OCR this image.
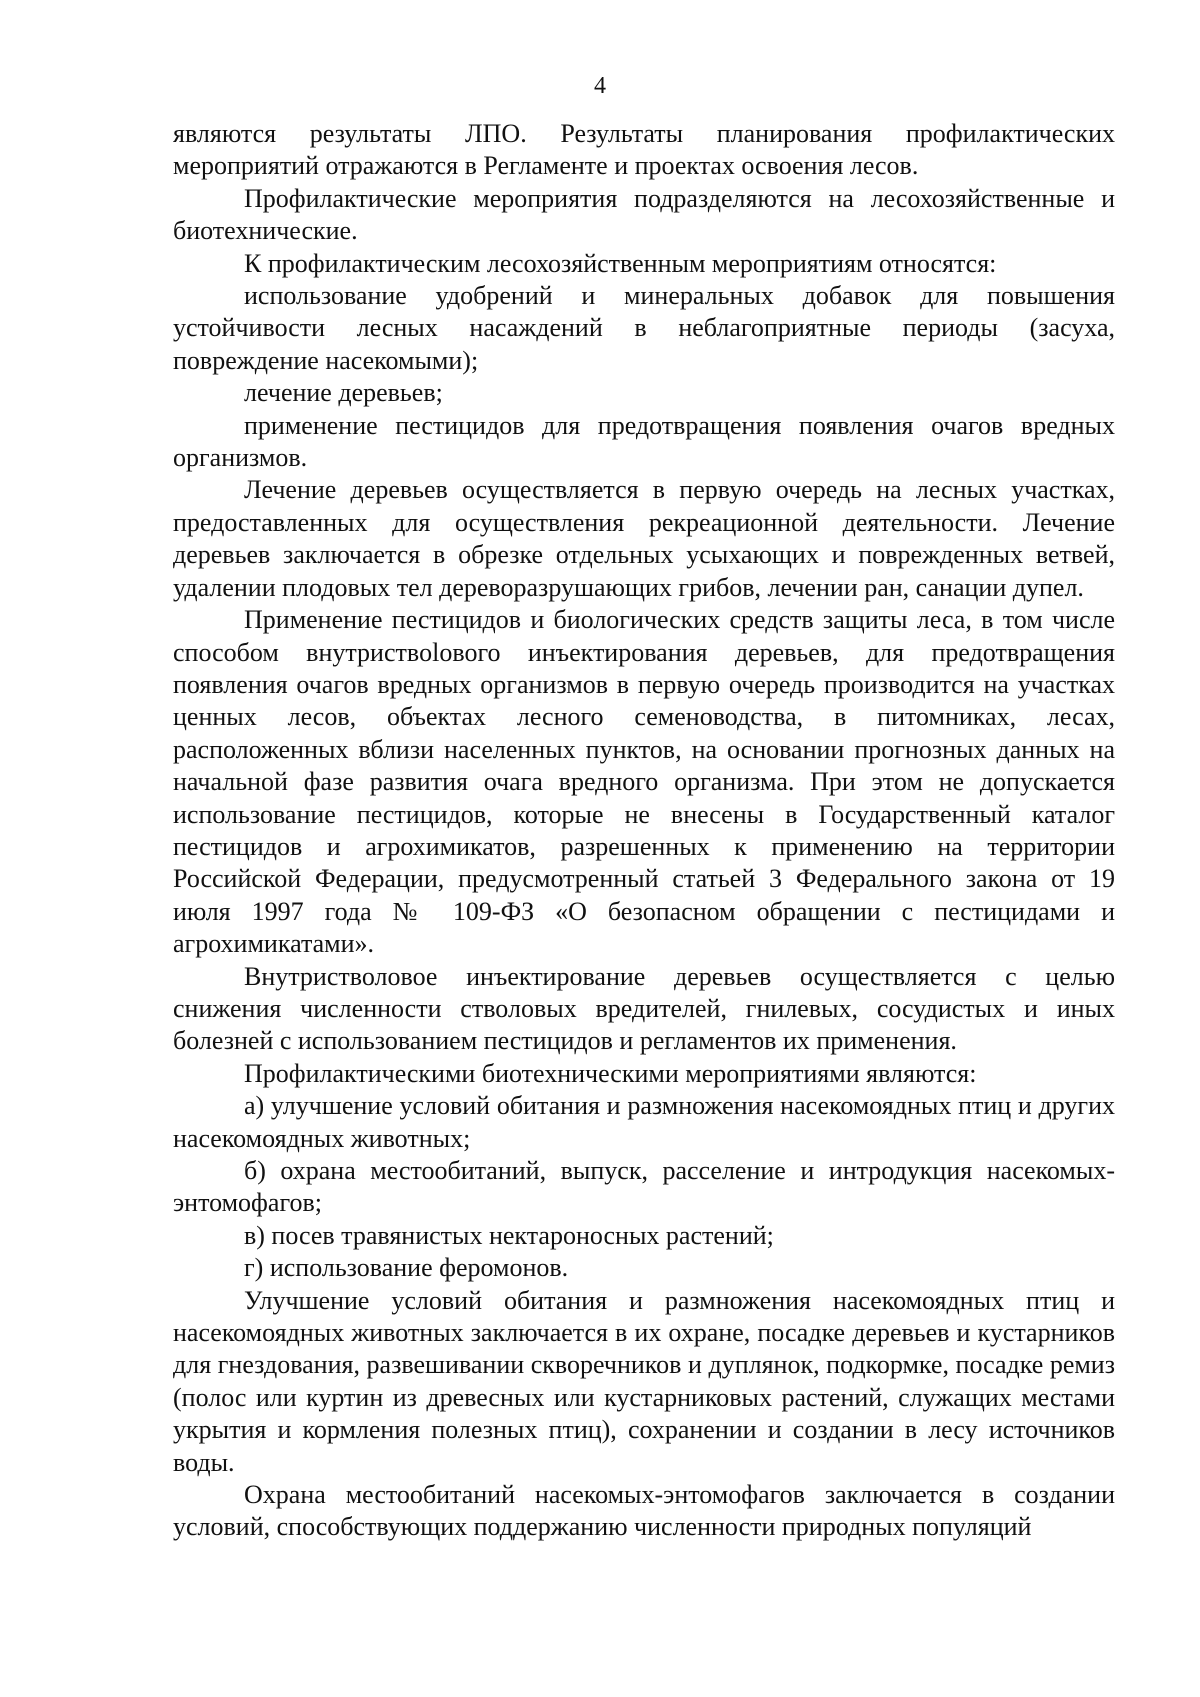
4

являются результаты ЛПО. Результаты планирования профилактических мероприятий отражаются в Регламенте и проектах освоения лесов.

Профилактические мероприятия подразделяются на лесохозяйственные и биотехнические.

К профилактическим лесохозяйственным мероприятиям относятся:

использование удобрений и минеральных добавок для повышения устойчивости лесных насаждений в неблагоприятные периоды (засуха, повреждение насекомыми);

лечение деревьев;

применение пестицидов для предотвращения появления очагов вредных организмов.

Лечение деревьев осуществляется в первую очередь на лесных участках, предоставленных для осуществления рекреационной деятельности. Лечение деревьев заключается в обрезке отдельных усыхающих и поврежденных ветвей, удалении плодовых тел дереворазрушающих грибов, лечении ран, санации дупел.

Применение пестицидов и биологических средств защиты леса, в том числе способом внутриствolового инъектирования деревьев, для предотвращения появления очагов вредных организмов в первую очередь производится на участках ценных лесов, объектах лесного семеноводства, в питомниках, лесах, расположенных вблизи населенных пунктов, на основании прогнозных данных на начальной фазе развития очага вредного организма. При этом не допускается использование пестицидов, которые не внесены в Государственный каталог пестицидов и агрохимикатов, разрешенных к применению на территории Российской Федерации, предусмотренный статьей 3 Федерального закона от 19 июля 1997 года № 109-ФЗ «О безопасном обращении с пестицидами и агрохимикатами».

Внутристволовое инъектирование деревьев осуществляется с целью снижения численности стволовых вредителей, гнилевых, сосудистых и иных болезней с использованием пестицидов и регламентов их применения.

Профилактическими биотехническими мероприятиями являются:

а) улучшение условий обитания и размножения насекомоядных птиц и других насекомоядных животных;

б) охрана местообитаний, выпуск, расселение и интродукция насекомых-энтомофагов;

в) посев травянистых нектароносных растений;

г) использование феромонов.

Улучшение условий обитания и размножения насекомоядных птиц и насекомоядных животных заключается в их охране, посадке деревьев и кустарников для гнездования, развешивании скворечников и дуплянок, подкормке, посадке ремиз (полос или куртин из древесных или кустарниковых растений, служащих местами укрытия и кормления полезных птиц), сохранении и создании в лесу источников воды.

Охрана местообитаний насекомых-энтомофагов заключается в создании условий, способствующих поддержанию численности природных популяций
